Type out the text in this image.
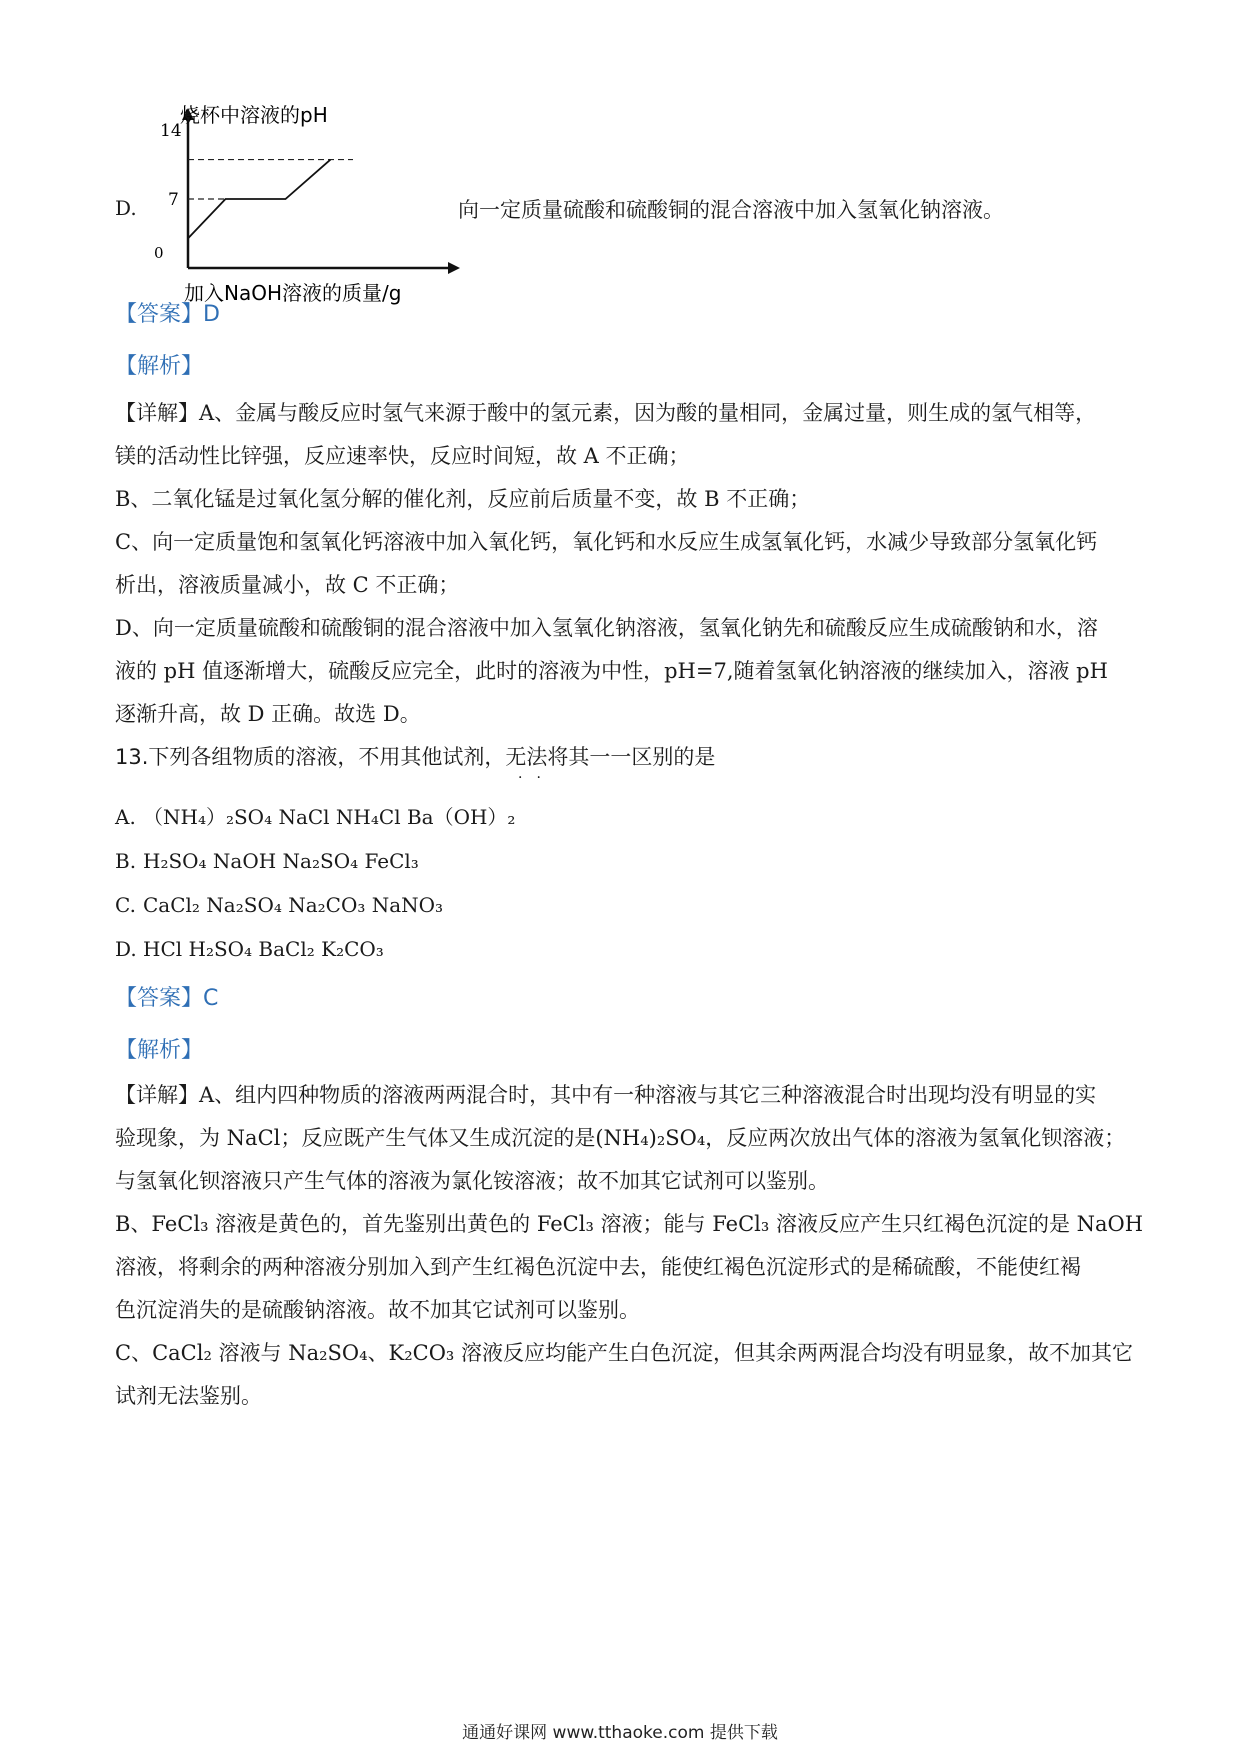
14
7
0
烧杯中溶液的pH
加入NaOH溶液的质量/g
D.	向一定质量硫酸和硫酸铜的混合溶液中加入氢氧化钠溶液。
【答案】D
【解析】
【详解】A、金属与酸反应时氢气来源于酸中的氢元素，因为酸的量相同，金属过量，则生成的氢气相等，
镁的活动性比锌强，反应速率快，反应时间短，故 A 不正确；
B、二氧化锰是过氧化氢分解的催化剂，反应前后质量不变，故 B 不正确；
C、向一定质量饱和氢氧化钙溶液中加入氧化钙，氧化钙和水反应生成氢氧化钙，水减少导致部分氢氧化钙
析出，溶液质量减小，故 C 不正确；
D、向一定质量硫酸和硫酸铜的混合溶液中加入氢氧化钠溶液，氢氧化钠先和硫酸反应生成硫酸钠和水，溶
液的 pH 值逐渐增大，硫酸反应完全，此时的溶液为中性，pH=7,随着氢氧化钠溶液的继续加入，溶液 pH
逐渐升高，故 D 正确。故选 D。
13.下列各组物质的溶液，不用其他试剂，无法将其一一区别的是
··
A. （NH₄）₂SO₄ NaCl NH₄Cl Ba（OH）₂
B. H₂SO₄ NaOH Na₂SO₄ FeCl₃
C. CaCl₂ Na₂SO₄ Na₂CO₃ NaNO₃
D. HCl H₂SO₄ BaCl₂ K₂CO₃
【答案】C
【解析】
【详解】A、组内四种物质的溶液两两混合时，其中有一种溶液与其它三种溶液混合时出现均没有明显的实
验现象，为 NaCl；反应既产生气体又生成沉淀的是(NH₄)₂SO₄，反应两次放出气体的溶液为氢氧化钡溶液；
与氢氧化钡溶液只产生气体的溶液为氯化铵溶液；故不加其它试剂可以鉴别。
B、FeCl₃ 溶液是黄色的，首先鉴别出黄色的 FeCl₃ 溶液；能与 FeCl₃ 溶液反应产生只红褐色沉淀的是 NaOH
溶液，将剩余的两种溶液分别加入到产生红褐色沉淀中去，能使红褐色沉淀形式的是稀硫酸，不能使红褐
色沉淀消失的是硫酸钠溶液。故不加其它试剂可以鉴别。
C、CaCl₂ 溶液与 Na₂SO₄、K₂CO₃ 溶液反应均能产生白色沉淀，但其余两两混合均没有明显象，故不加其它
试剂无法鉴别。
通通好课网 www.tthaoke.com 提供下载
